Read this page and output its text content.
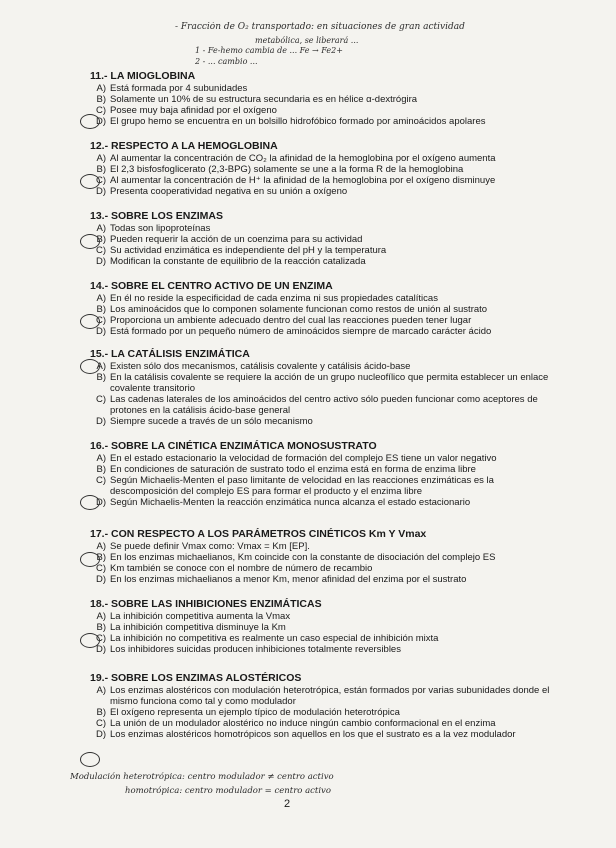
- Fracción de O₂ transportado: en situaciones de gran actividad
metabólica, se liberará ...
1 - Fe-hemo cambia de ... Fe → Fe2+
2 - ... cambio ...
11.- LA MIOGLOBINA
A) Está formada por 4 subunidades
B) Solamente un 10% de su estructura secundaria es en hélice α-dextrógira
C) Posee muy baja afinidad por el oxígeno
D) El grupo hemo se encuentra en un bolsillo hidrofóbico formado por aminoácidos apolares
12.- RESPECTO A LA HEMOGLOBINA
A) Al aumentar la concentración de CO₂ la afinidad de la hemoglobina por el oxígeno aumenta
B) El 2,3 bisfosfoglicerato (2,3-BPG) solamente se une a la forma R de la hemoglobina
C) Al aumentar la concentración de H⁺ la afinidad de la hemoglobina por el oxígeno disminuye
D) Presenta cooperatividad negativa en su unión a oxígeno
13.- SOBRE LOS ENZIMAS
A) Todas son lipoproteínas
B) Pueden requerir la acción de un coenzima para su actividad
C) Su actividad enzimática es independiente del pH y la temperatura
D) Modifican la constante de equilibrio de la reacción catalizada
14.- SOBRE EL CENTRO ACTIVO DE UN ENZIMA
A) En él no reside la especificidad de cada enzima ni sus propiedades catalíticas
B) Los aminoácidos que lo componen solamente funcionan como restos de unión al sustrato
C) Proporciona un ambiente adecuado dentro del cual las reacciones pueden tener lugar
D) Está formado por un pequeño número de aminoácidos siempre de marcado carácter ácido
15.- LA CATÁLISIS ENZIMÁTICA
A) Existen sólo dos mecanismos, catálisis covalente y catálisis ácido-base
B) En la catálisis covalente se requiere la acción de un grupo nucleofílico que permita establecer un enlace covalente transitorio
C) Las cadenas laterales de los aminoácidos del centro activo sólo pueden funcionar como aceptores de protones en la catálisis ácido-base general
D) Siempre sucede a través de un sólo mecanismo
16.- SOBRE LA CINÉTICA ENZIMÁTICA MONOSUSTRATO
A) En el estado estacionario la velocidad de formación del complejo ES tiene un valor negativo
B) En condiciones de saturación de sustrato todo el enzima está en forma de enzima libre
C) Según Michaelis-Menten el paso limitante de velocidad en las reacciones enzimáticas es la descomposición del complejo ES para formar el producto y el enzima libre
D) Según Michaelis-Menten la reacción enzimática nunca alcanza el estado estacionario
17.- CON RESPECTO A LOS PARÁMETROS CINÉTICOS Km Y Vmax
A) Se puede definir Vmax como: Vmax = Km [EP].
B) En los enzimas michaelianos, Km coincide con la constante de disociación del complejo ES
C) Km también se conoce con el nombre de número de recambio
D) En los enzimas michaelianos a menor Km, menor afinidad del enzima por el sustrato
18.- SOBRE LAS INHIBICIONES ENZIMÁTICAS
A) La inhibición competitiva aumenta la Vmax
B) La inhibición competitiva disminuye la Km
C) La inhibición no competitiva es realmente un caso especial de inhibición mixta
D) Los inhibidores suicidas producen inhibiciones totalmente reversibles
19.- SOBRE LOS ENZIMAS ALOSTÉRICOS
A) Los enzimas alostéricos con modulación heterotrópica, están formados por varias subunidades donde el mismo funciona como tal y como modulador
B) El oxígeno representa un ejemplo típico de modulación heterotrópica
C) La unión de un modulador alostérico no induce ningún cambio conformacional en el enzima
D) Los enzimas alostéricos homotrópicos son aquellos en los que el sustrato es a la vez modulador
Modulación heterotrópica: centro modulador ≠ centro activo
homotrópica: centro modulador = centro activo
2
